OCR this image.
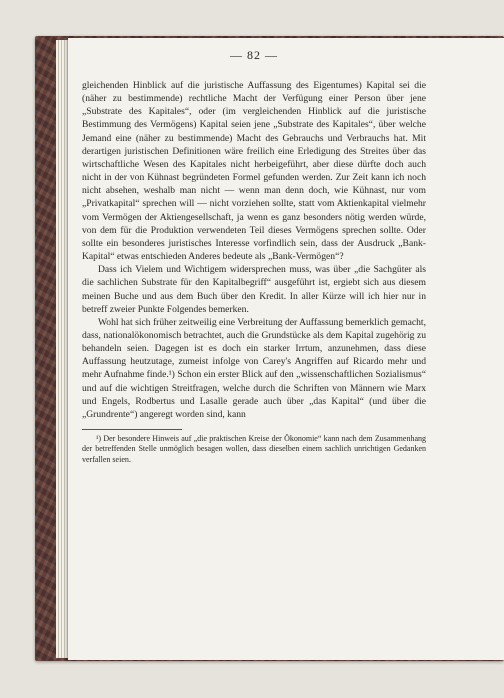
— 82 —

gleichenden Hinblick auf die juristische Auffassung des Eigentumes) Kapital sei die (näher zu bestimmende) rechtliche Macht der Verfügung einer Person über jene „Substrate des Kapitales“, oder (im vergleichenden Hinblick auf die juristische Bestimmung des Vermögens) Kapital seien jene „Substrate des Kapitales“, über welche Jemand eine (näher zu bestimmende) Macht des Gebrauchs und Verbrauchs hat. Mit derartigen juristischen Definitionen wäre freilich eine Erledigung des Streites über das wirtschaftliche Wesen des Kapitales nicht herbeigeführt, aber diese dürfte doch auch nicht in der von Kühnast begründeten Formel gefunden werden. Zur Zeit kann ich noch nicht absehen, weshalb man nicht — wenn man denn doch, wie Kühnast, nur vom „Privatkapital“ sprechen will — nicht vorziehen sollte, statt vom Aktienkapital vielmehr vom Vermögen der Aktiengesellschaft, ja wenn es ganz besonders nötig werden würde, von dem für die Produktion verwendeten Teil dieses Vermögens sprechen sollte. Oder sollte ein besonderes juristisches Interesse vorfindlich sein, dass der Ausdruck „Bank-Kapital“ etwas entschieden Anderes bedeute als „Bank-Vermögen“?

Dass ich Vielem und Wichtigem widersprechen muss, was über „die Sachgüter als die sachlichen Substrate für den Kapitalbegriff“ ausgeführt ist, ergiebt sich aus diesem meinen Buche und aus dem Buch über den Kredit. In aller Kürze will ich hier nur in betreff zweier Punkte Folgendes bemerken.

Wohl hat sich früher zeitweilig eine Verbreitung der Auffassung bemerklich gemacht, dass, nationalökonomisch betrachtet, auch die Grundstücke als dem Kapital zugehörig zu behandeln seien. Dagegen ist es doch ein starker Irrtum, anzunehmen, dass diese Auffassung heutzutage, zumeist infolge von Carey's Angriffen auf Ricardo mehr und mehr Aufnahme finde.¹) Schon ein erster Blick auf den „wissenschaftlichen Sozialismus“ und auf die wichtigen Streitfragen, welche durch die Schriften von Männern wie Marx und Engels, Rodbertus und Lasalle gerade auch über „das Kapital“ (und über die „Grundrente“) angeregt worden sind, kann

¹) Der besondere Hinweis auf „die praktischen Kreise der Ökonomie“ kann nach dem Zusammenhang der betreffenden Stelle unmöglich besagen wollen, dass dieselben einem sachlich unrichtigen Gedanken verfallen seien.
